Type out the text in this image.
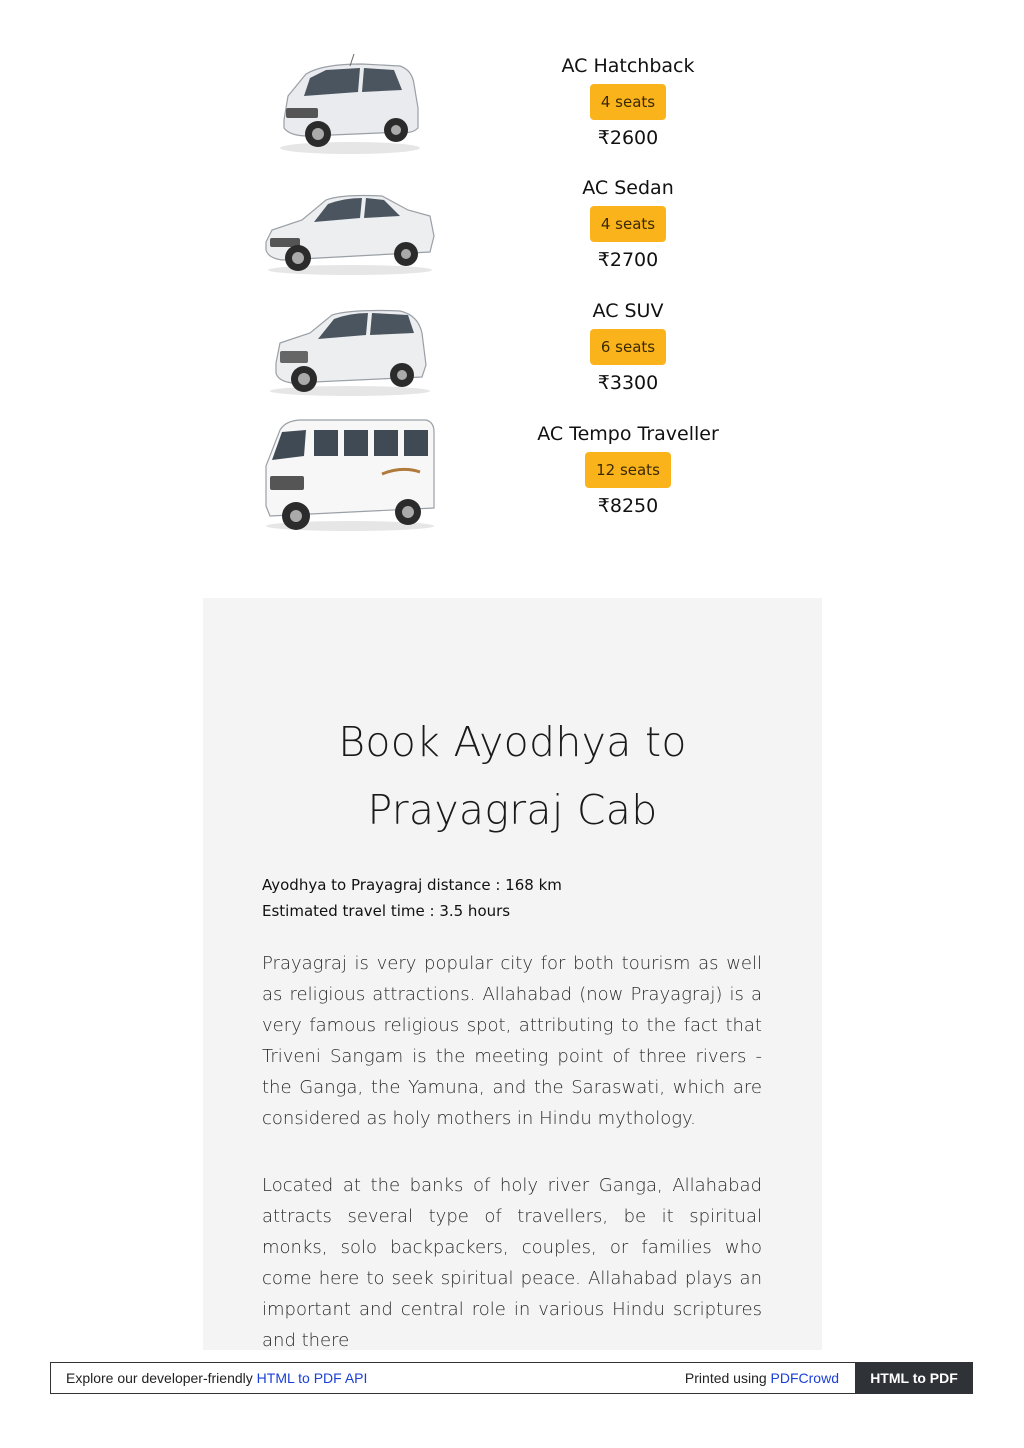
AC Hatchback
4 seats
₹2600
AC Sedan
4 seats
₹2700
AC SUV
6 seats
₹3300
AC Tempo Traveller
12 seats
₹8250
Book Ayodhya to
Prayagraj Cab
Ayodhya to Prayagraj distance : 168 km
Estimated travel time : 3.5 hours
Prayagraj is very popular city for both tourism as well as religious attractions. Allahabad (now Prayagraj) is a very famous religious spot, attributing to the fact that Triveni Sangam is the meeting point of three rivers - the Ganga, the Yamuna, and the Saraswati, which are considered as holy mothers in Hindu mythology.
Located at the banks of holy river Ganga, Allahabad attracts several type of travellers, be it spiritual monks, solo backpackers, couples, or families who come here to seek spiritual peace. Allahabad plays an important and central role in various Hindu scriptures and there
Explore our developer-friendly HTML to PDF API	Printed using PDFCrowd	HTML to PDF
